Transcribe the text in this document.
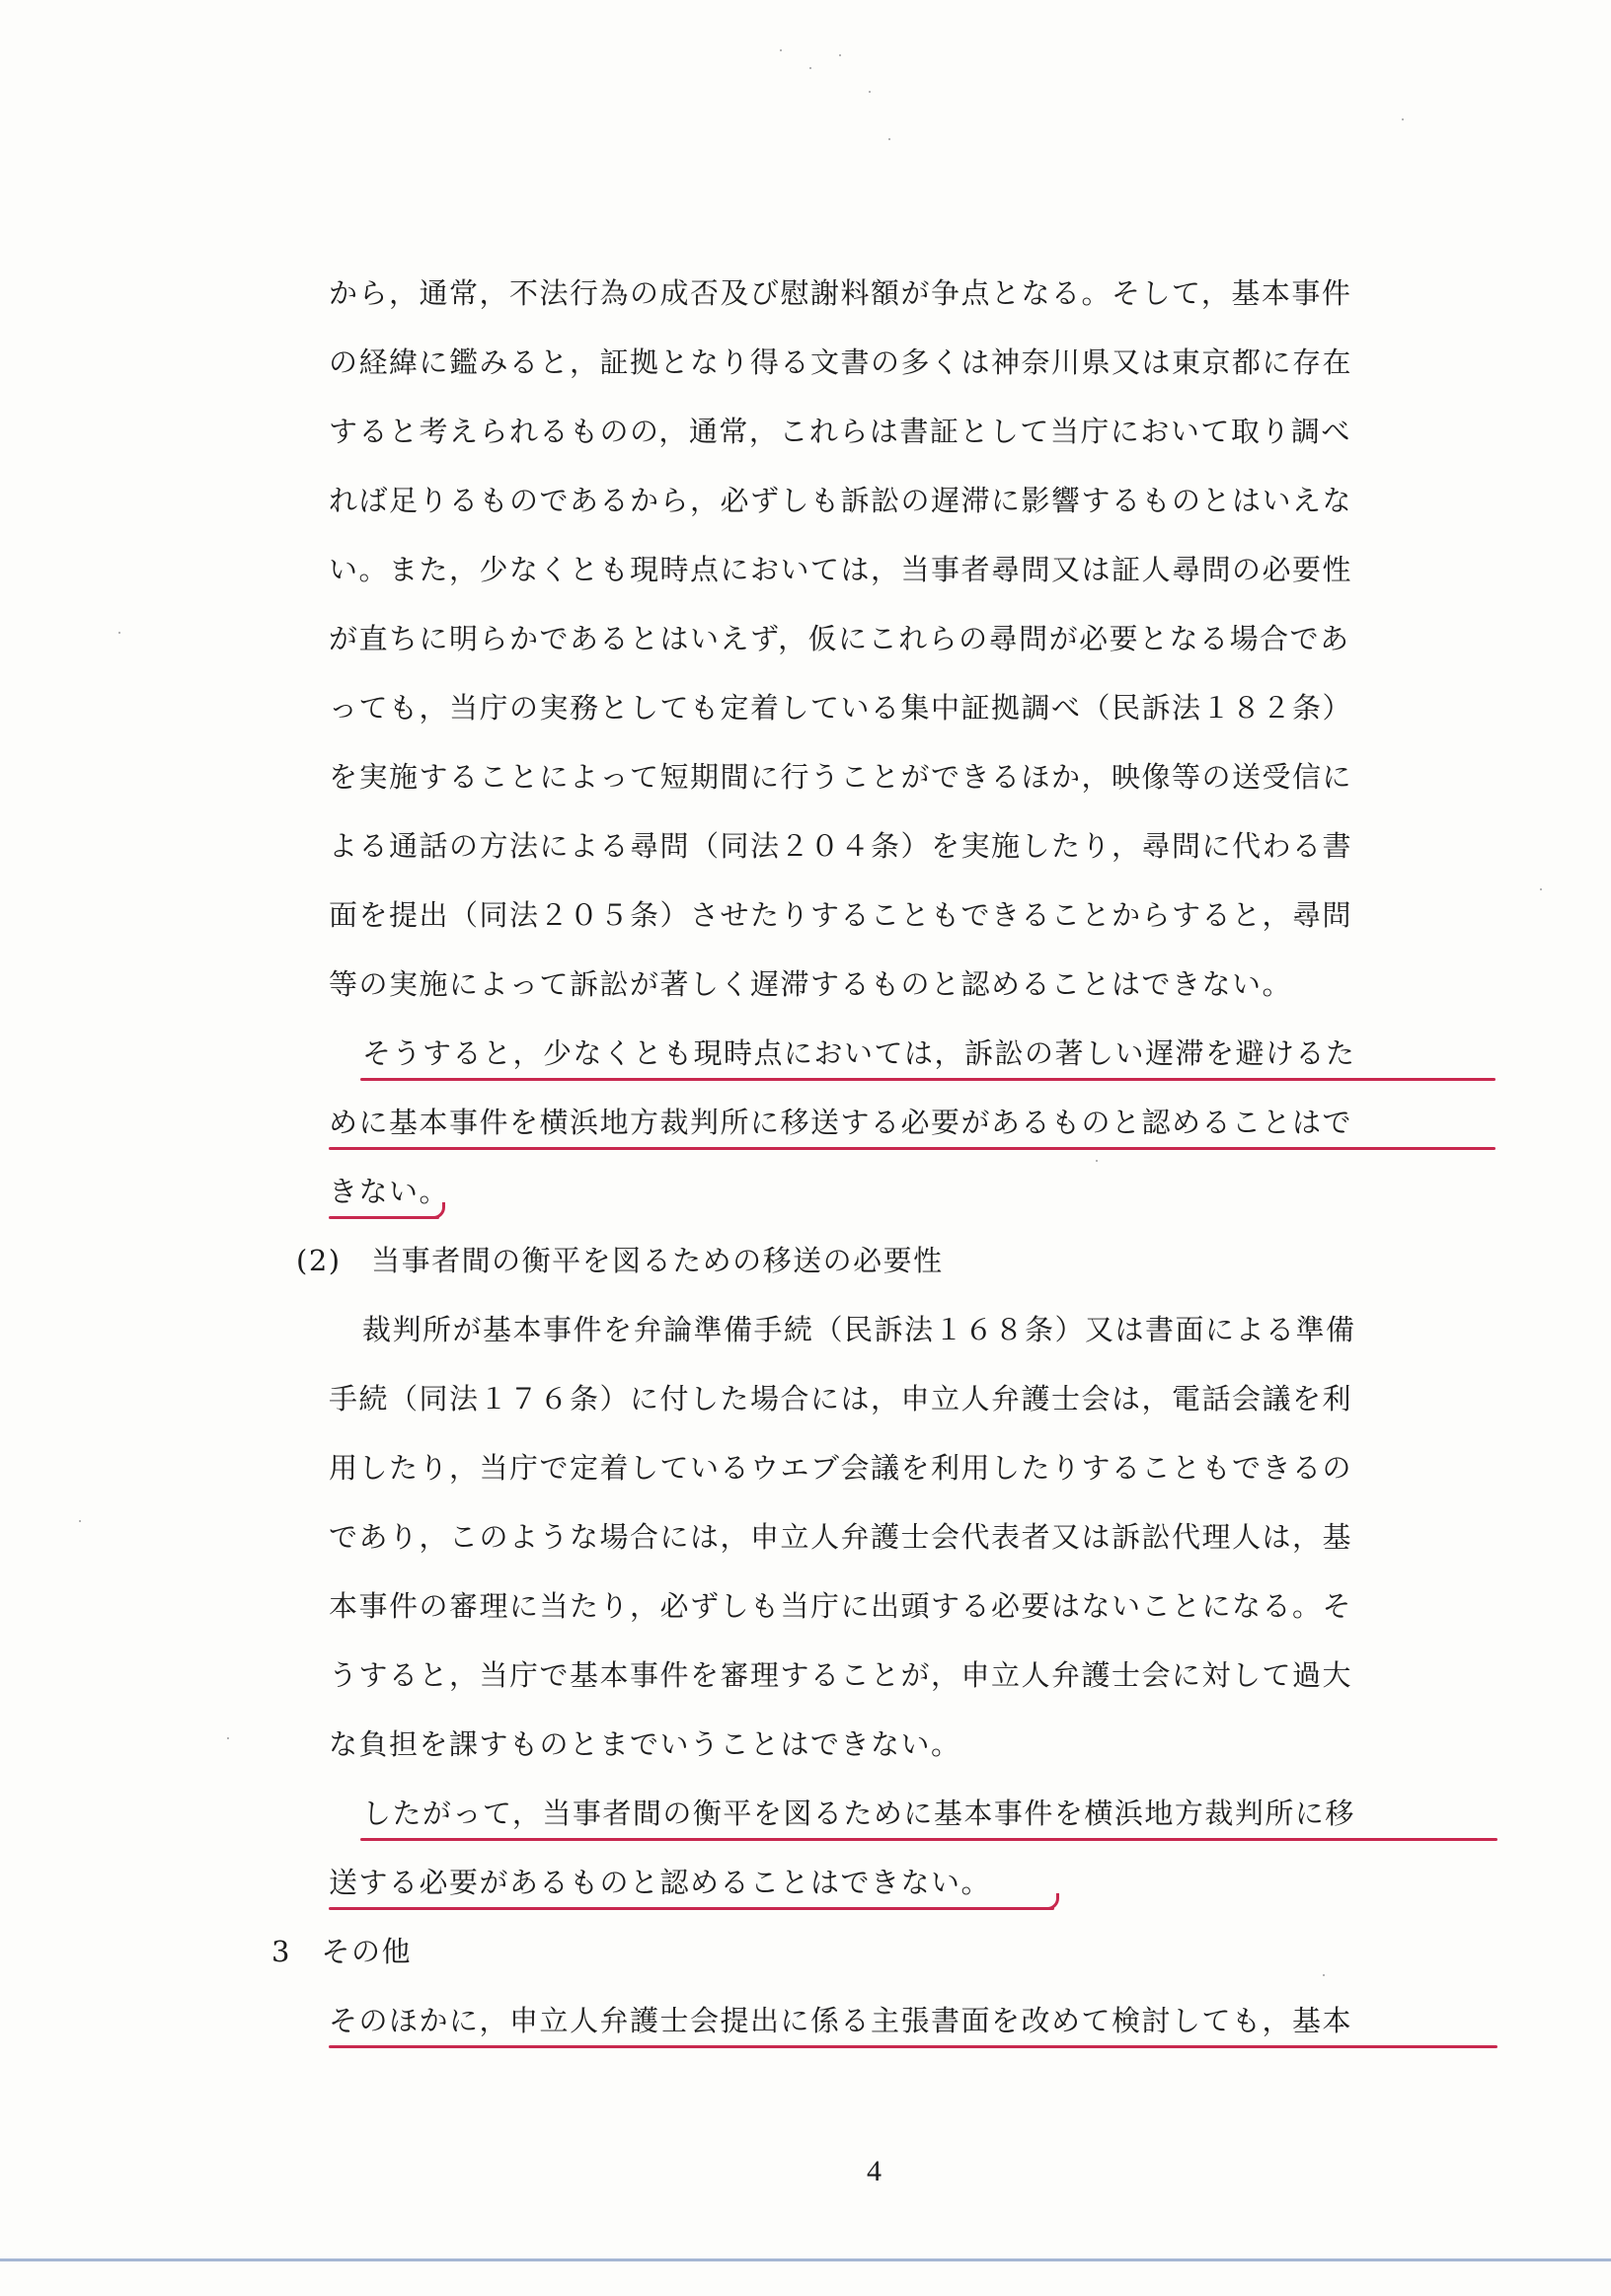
から，通常，不法行為の成否及び慰謝料額が争点となる。そして，基本事件
の経緯に鑑みると，証拠となり得る文書の多くは神奈川県又は東京都に存在
すると考えられるものの，通常，これらは書証として当庁において取り調べ
れば足りるものであるから，必ずしも訴訟の遅滞に影響するものとはいえな
い。また，少なくとも現時点においては，当事者尋問又は証人尋問の必要性
が直ちに明らかであるとはいえず，仮にこれらの尋問が必要となる場合であ
っても，当庁の実務としても定着している集中証拠調べ（民訴法１８２条）
を実施することによって短期間に行うことができるほか，映像等の送受信に
よる通話の方法による尋問（同法２０４条）を実施したり，尋問に代わる書
面を提出（同法２０５条）させたりすることもできることからすると，尋問
等の実施によって訴訟が著しく遅滞するものと認めることはできない。
そうすると，少なくとも現時点においては，訴訟の著しい遅滞を避けるた
めに基本事件を横浜地方裁判所に移送する必要があるものと認めることはで
きない。
(2)　当事者間の衡平を図るための移送の必要性
裁判所が基本事件を弁論準備手続（民訴法１６８条）又は書面による準備
手続（同法１７６条）に付した場合には，申立人弁護士会は，電話会議を利
用したり，当庁で定着しているウエブ会議を利用したりすることもできるの
であり，このような場合には，申立人弁護士会代表者又は訴訟代理人は，基
本事件の審理に当たり，必ずしも当庁に出頭する必要はないことになる。そ
うすると，当庁で基本事件を審理することが，申立人弁護士会に対して過大
な負担を課すものとまでいうことはできない。
したがって，当事者間の衡平を図るために基本事件を横浜地方裁判所に移
送する必要があるものと認めることはできない。
3　その他
そのほかに，申立人弁護士会提出に係る主張書面を改めて検討しても，基本
4
